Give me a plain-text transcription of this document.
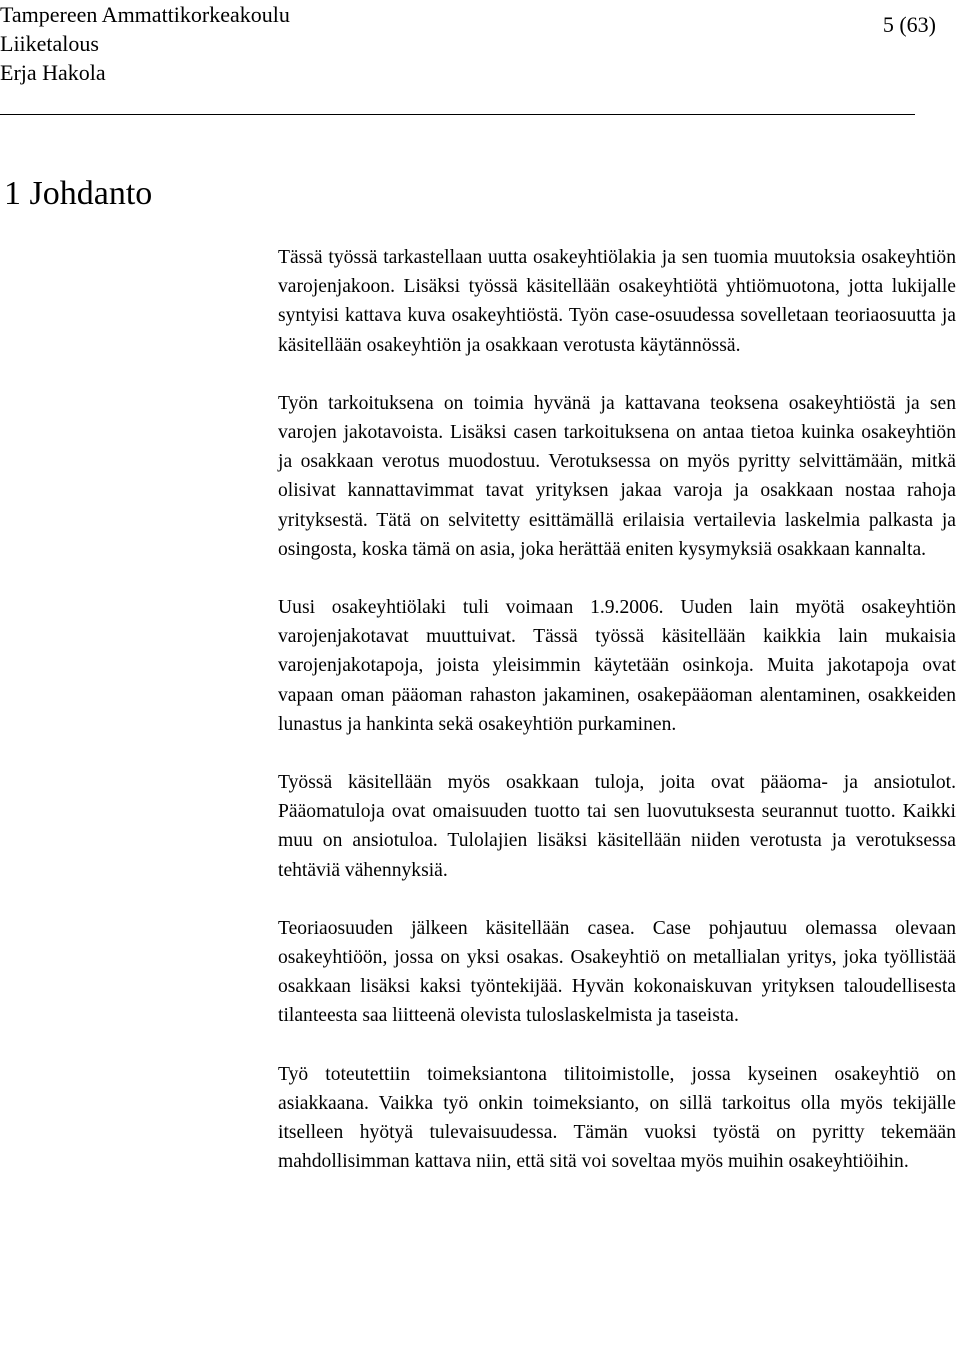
Tampereen Ammattikorkeakoulu
Liiketalous
Erja Hakola
5 (63)
1 Johdanto

Tässä työssä tarkastellaan uutta osakeyhtiölakia ja sen tuomia muutoksia osakeyhtiön varojenjakoon. Lisäksi työssä käsitellään osakeyhtiötä yhtiömuotona, jotta lukijalle syntyisi kattava kuva osakeyhtiöstä. Työn case-osuudessa sovelletaan teoriaosuutta ja käsitellään osakeyhtiön ja osakkaan verotusta käytännössä.

Työn tarkoituksena on toimia hyvänä ja kattavana teoksena osakeyhtiöstä ja sen varojen jakotavoista. Lisäksi casen tarkoituksena on antaa tietoa kuinka osakeyhtiön ja osakkaan verotus muodostuu. Verotuksessa on myös pyritty selvittämään, mitkä olisivat kannattavimmat tavat yrityksen jakaa varoja ja osakkaan nostaa rahoja yrityksestä. Tätä on selvitetty esittämällä erilaisia vertailevia laskelmia palkasta ja osingosta, koska tämä on asia, joka herättää eniten kysymyksiä osakkaan kannalta.

Uusi osakeyhtiölaki tuli voimaan 1.9.2006. Uuden lain myötä osakeyhtiön varojenjakotavat muuttuivat. Tässä työssä käsitellään kaikkia lain mukaisia varojenjakotapoja, joista yleisimmin käytetään osinkoja. Muita jakotapoja ovat vapaan oman pääoman rahaston jakaminen, osakepääoman alentaminen, osakkeiden lunastus ja hankinta sekä osakeyhtiön purkaminen.

Työssä käsitellään myös osakkaan tuloja, joita ovat pääoma- ja ansiotulot. Pääomatuloja ovat omaisuuden tuotto tai sen luovutuksesta seurannut tuotto. Kaikki muu on ansiotuloa. Tulolajien lisäksi käsitellään niiden verotusta ja verotuksessa tehtäviä vähennyksiä.

Teoriaosuuden jälkeen käsitellään casea. Case pohjautuu olemassa olevaan osakeyhtiöön, jossa on yksi osakas. Osakeyhtiö on metallialan yritys, joka työllistää osakkaan lisäksi kaksi työntekijää. Hyvän kokonaiskuvan yrityksen taloudellisesta tilanteesta saa liitteenä olevista tuloslaskelmista ja taseista.

Työ toteutettiin toimeksiantona tilitoimistolle, jossa kyseinen osakeyhtiö on asiakkaana. Vaikka työ onkin toimeksianto, on sillä tarkoitus olla myös tekijälle itselleen hyötyä tulevaisuudessa. Tämän vuoksi työstä on pyritty tekemään mahdollisimman kattava niin, että sitä voi soveltaa myös muihin osakeyhtiöihin.
